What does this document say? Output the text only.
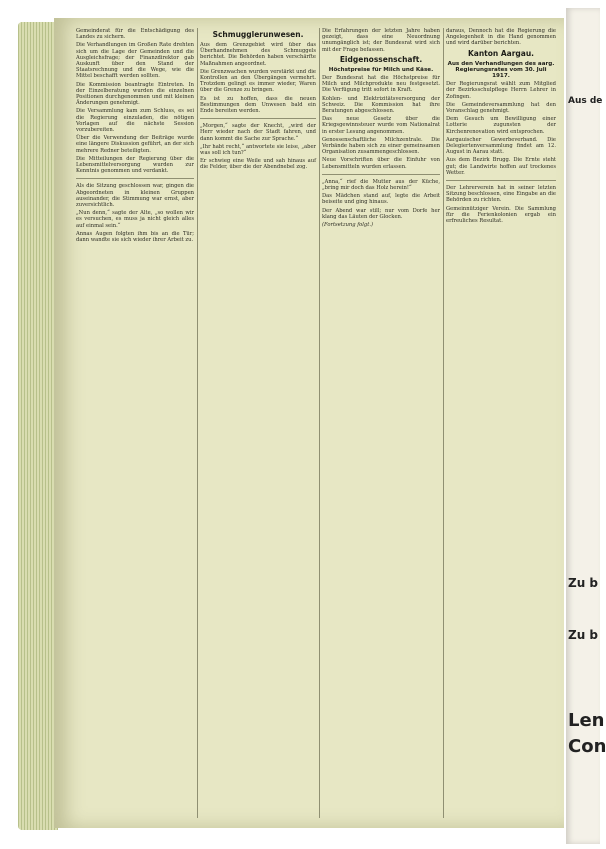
Gemeinderat für die Entschädigung des Landes zu sichern.

Die Verhandlungen im Großen Rate drehten sich um die Lage der Gemeinden und die Ausgleichsfrage; der Finanzdirektor gab Auskunft über den Stand der Staatsrechnung und die Wege, wie die Mittel beschafft werden sollten.

Die Kommission beantragte Eintreten. In der Einzelberatung wurden die einzelnen Positionen durchgenommen und mit kleinen Änderungen genehmigt.

Die Versammlung kam zum Schluss, es sei die Regierung einzuladen, die nötigen Vorlagen auf die nächste Session vorzubereiten.

Über die Verwendung der Beiträge wurde eine längere Diskussion geführt, an der sich mehrere Redner beteiligten.

Die Mitteilungen der Regierung über die Lebensmittelversorgung wurden zur Kenntnis genommen und verdankt.

Als die Sitzung geschlossen war, gingen die Abgeordneten in kleinen Gruppen auseinander, die Stimmung war ernst, aber zuversichtlich.

„Nun denn,“ sagte der Alte, „so wollen wir es versuchen, es muss ja nicht gleich alles auf einmal sein.“

Annas Augen folgten ihm bis an die Tür; dann wandte sie sich wieder ihrer Arbeit zu.

Schmugglerunwesen.

Aus dem Grenzgebiet wird über das Überhandnehmen des Schmuggels berichtet. Die Behörden haben verschärfte Maßnahmen angeordnet.

Die Grenzwachen wurden verstärkt und die Kontrollen an den Übergängen vermehrt. Trotzdem gelingt es immer wieder, Waren über die Grenze zu bringen.

Es ist zu hoffen, dass die neuen Bestimmungen dem Unwesen bald ein Ende bereiten werden.

„Morgen,“ sagte der Knecht, „wird der Herr wieder nach der Stadt fahren, und dann kommt die Sache zur Sprache.“

„Ihr habt recht,“ antwortete sie leise, „aber was soll ich tun?“

Er schwieg eine Weile und sah hinaus auf die Felder, über die der Abendnebel zog.

Die Erfahrungen der letzten Jahre haben gezeigt, dass eine Neuordnung unumgänglich ist; der Bundesrat wird sich mit der Frage befassen.

Eidgenossenschaft.
Höchstpreise für Milch und Käse.

Der Bundesrat hat die Höchstpreise für Milch und Milchprodukte neu festgesetzt. Die Verfügung tritt sofort in Kraft.

Kohlen- und Elektrizitätsversorgung der Schweiz. Die Kommission hat ihre Beratungen abgeschlossen.

Das neue Gesetz über die Kriegsgewinnsteuer wurde vom Nationalrat in erster Lesung angenommen.

Genossenschaftliche Milchzentrale. Die Verbände haben sich zu einer gemeinsamen Organisation zusammengeschlossen.

Neue Vorschriften über die Einfuhr von Lebensmitteln wurden erlassen.

„Anna,“ rief die Mutter aus der Küche, „bring mir doch das Holz herein!“

Das Mädchen stand auf, legte die Arbeit beiseite und ging hinaus.

Der Abend war still; nur vom Dorfe her klang das Läuten der Glocken.

(Fortsetzung folgt.)

daraus, Dennoch hat die Regierung die Angelegenheit in die Hand genommen und wird darüber berichten.

Kanton Aargau.
Aus den Verhandlungen des aarg. Regierungsrates vom 30. Juli 1917.

Der Regierungsrat wählt zum Mitglied der Bezirksschulpflege Herrn Lehrer in Zofingen.

Die Gemeindeversammlung hat den Voranschlag genehmigt.

Dem Gesuch um Bewilligung einer Lotterie zugunsten der Kirchenrenovation wird entsprochen.

Aargauischer Gewerbeverband. Die Delegiertenversammlung findet am 12. August in Aarau statt.

Aus dem Bezirk Brugg. Die Ernte steht gut; die Landwirte hoffen auf trockenes Wetter.

Der Lehrerverein hat in seiner letzten Sitzung beschlossen, eine Eingabe an die Behörden zu richten.

Gemeinnütziger Verein. Die Sammlung für die Ferienkolonien ergab ein erfreuliches Resultat.

Aus de
Zu b
Zu b
Len
Con
